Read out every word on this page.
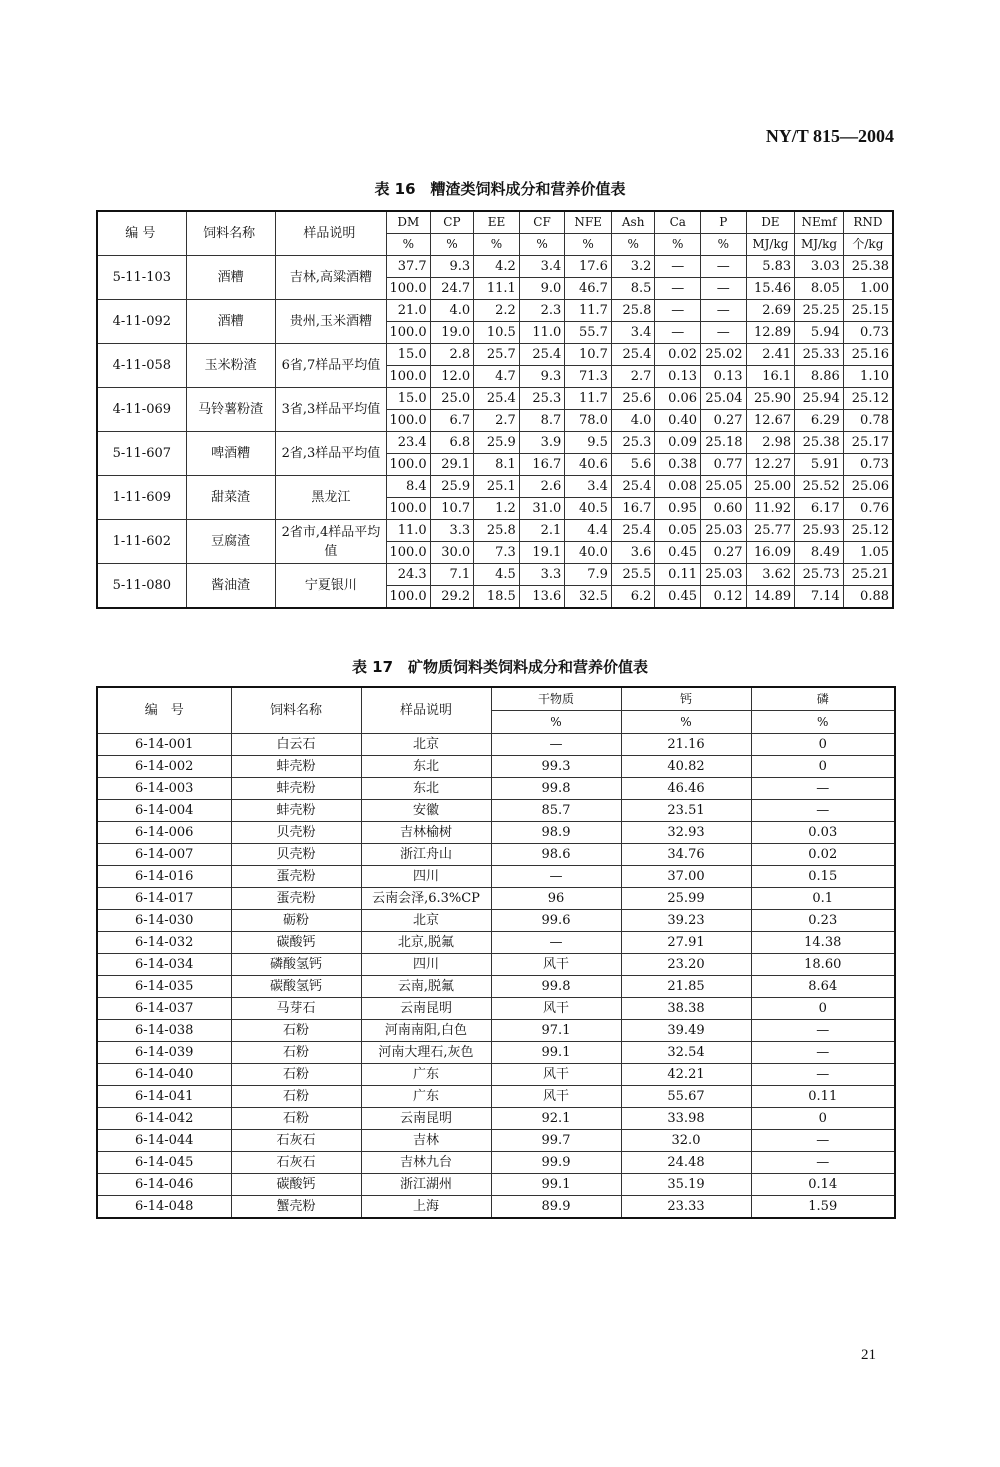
NY/T 815—2004
表 16　糟渣类饲料成分和营养价值表
编 号	饲料名称	样品说明	DM	CP	EE	CF	NFE	Ash	Ca	P	DE	NEmf	RND
			%	%	%	%	%	%	%	%	MJ/kg	MJ/kg	个/kg
5-11-103	酒糟	吉林,高粱酒糟	37.7	9.3	4.2	3.4	17.6	3.2	—	—	5.83	3.03	25.38
			100.0	24.7	11.1	9.0	46.7	8.5	—	—	15.46	8.05	1.00
4-11-092	酒糟	贵州,玉米酒糟	21.0	4.0	2.2	2.3	11.7	25.8	—	—	2.69	25.25	25.15
			100.0	19.0	10.5	11.0	55.7	3.4	—	—	12.89	5.94	0.73
4-11-058	玉米粉渣	6省,7样品平均值	15.0	2.8	25.7	25.4	10.7	25.4	0.02	25.02	2.41	25.33	25.16
			100.0	12.0	4.7	9.3	71.3	2.7	0.13	0.13	16.1	8.86	1.10
4-11-069	马铃薯粉渣	3省,3样品平均值	15.0	25.0	25.4	25.3	11.7	25.6	0.06	25.04	25.90	25.94	25.12
			100.0	6.7	2.7	8.7	78.0	4.0	0.40	0.27	12.67	6.29	0.78
5-11-607	啤酒糟	2省,3样品平均值	23.4	6.8	25.9	3.9	9.5	25.3	0.09	25.18	2.98	25.38	25.17
			100.0	29.1	8.1	16.7	40.6	5.6	0.38	0.77	12.27	5.91	0.73
1-11-609	甜菜渣	黑龙江	8.4	25.9	25.1	2.6	3.4	25.4	0.08	25.05	25.00	25.52	25.06
			100.0	10.7	1.2	31.0	40.5	16.7	0.95	0.60	11.92	6.17	0.76
1-11-602	豆腐渣	2省市,4样品平均值	11.0	3.3	25.8	2.1	4.4	25.4	0.05	25.03	25.77	25.93	25.12
			100.0	30.0	7.3	19.1	40.0	3.6	0.45	0.27	16.09	8.49	1.05
5-11-080	酱油渣	宁夏银川	24.3	7.1	4.5	3.3	7.9	25.5	0.11	25.03	3.62	25.73	25.21
			100.0	29.2	18.5	13.6	32.5	6.2	0.45	0.12	14.89	7.14	0.88
表 17　矿物质饲料类饲料成分和营养价值表
编　号	饲料名称	样品说明	干物质	钙	磷
			%	%	%
6-14-001	白云石	北京	—	21.16	0
6-14-002	蚌壳粉	东北	99.3	40.82	0
6-14-003	蚌壳粉	东北	99.8	46.46	—
6-14-004	蚌壳粉	安徽	85.7	23.51	—
6-14-006	贝壳粉	吉林榆树	98.9	32.93	0.03
6-14-007	贝壳粉	浙江舟山	98.6	34.76	0.02
6-14-016	蛋壳粉	四川	—	37.00	0.15
6-14-017	蛋壳粉	云南会泽,6.3%CP	96	25.99	0.1
6-14-030	砺粉	北京	99.6	39.23	0.23
6-14-032	碳酸钙	北京,脱氟	—	27.91	14.38
6-14-034	磷酸氢钙	四川	风干	23.20	18.60
6-14-035	碳酸氢钙	云南,脱氟	99.8	21.85	8.64
6-14-037	马芽石	云南昆明	风干	38.38	0
6-14-038	石粉	河南南阳,白色	97.1	39.49	—
6-14-039	石粉	河南大理石,灰色	99.1	32.54	—
6-14-040	石粉	广东	风干	42.21	—
6-14-041	石粉	广东	风干	55.67	0.11
6-14-042	石粉	云南昆明	92.1	33.98	0
6-14-044	石灰石	吉林	99.7	32.0	—
6-14-045	石灰石	吉林九台	99.9	24.48	—
6-14-046	碳酸钙	浙江湖州	99.1	35.19	0.14
6-14-048	蟹壳粉	上海	89.9	23.33	1.59
21
